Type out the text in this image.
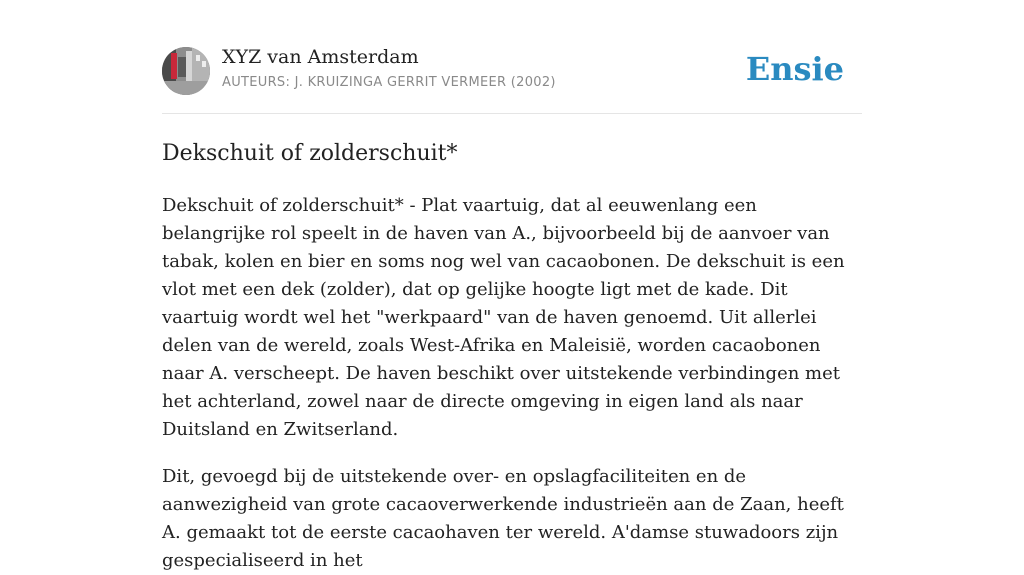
XYZ van Amsterdam
AUTEURS: J. KRUIZINGA GERRIT VERMEER (2002)	Ensie
Dekschuit of zolderschuit*

Dekschuit of zolderschuit* - Plat vaartuig, dat al eeuwenlang een belangrijke rol speelt in de haven van A., bijvoorbeeld bij de aanvoer van tabak, kolen en bier en soms nog wel van cacaobonen. De dekschuit is een vlot met een dek (zolder), dat op gelijke hoogte ligt met de kade. Dit vaartuig wordt wel het "werkpaard" van de haven genoemd. Uit allerlei delen van de wereld, zoals West-Afrika en Maleisië, worden cacaobonen naar A. verscheept. De haven beschikt over uitstekende verbindingen met het achterland, zowel naar de directe omgeving in eigen land als naar Duitsland en Zwitserland.

Dit, gevoegd bij de uitstekende over- en opslagfaciliteiten en de aanwezigheid van grote cacaoverwerkende industrieën aan de Zaan, heeft A. gemaakt tot de eerste cacaohaven ter wereld. A'damse stuwadoors zijn gespecialiseerd in het
